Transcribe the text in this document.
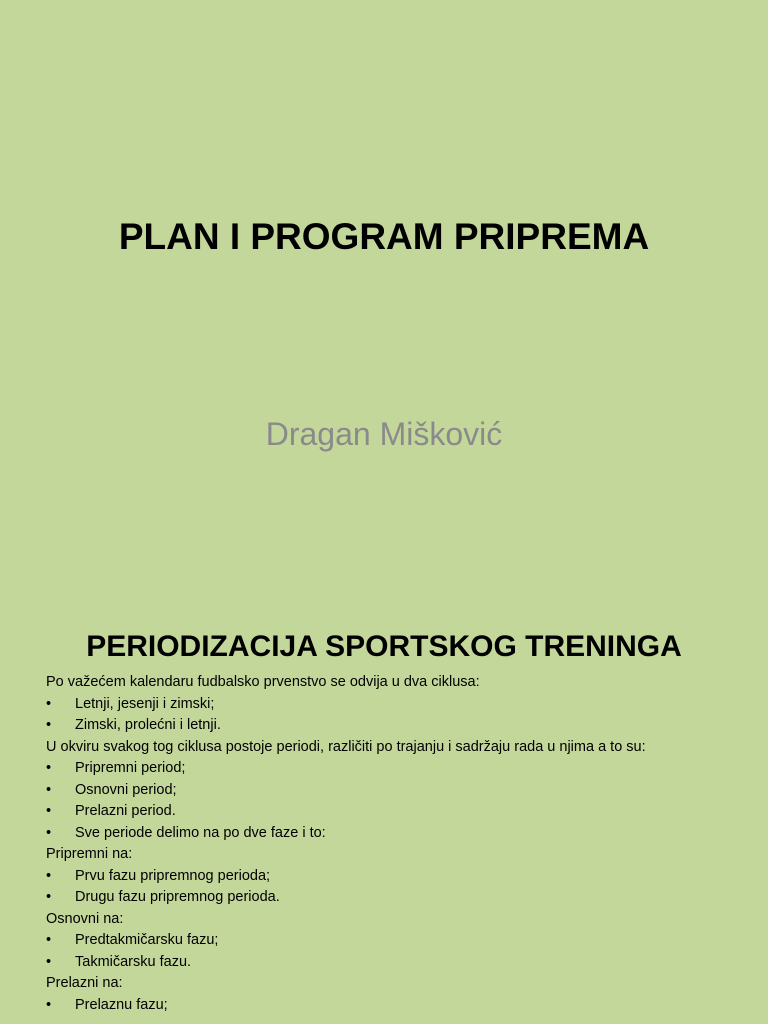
PLAN I PROGRAM PRIPREMA
Dragan Mišković
PERIODIZACIJA SPORTSKOG TRENINGA
Po važećem kalendaru fudbalsko prvenstvo se odvija u dva ciklusa:
• Letnji, jesenji i zimski;
• Zimski, prolećni i letnji.
U okviru svakog tog ciklusa postoje periodi, različiti po trajanju i sadržaju rada u njima a to su:
• Pripremni period;
• Osnovni period;
• Prelazni period.
• Sve periode delimo na po dve faze i to:
Pripremni na:
• Prvu fazu pripremnog perioda;
• Drugu fazu pripremnog perioda.
Osnovni na:
• Predtakmičarsku fazu;
• Takmičarsku fazu.
Prelazni na:
• Prelaznu fazu;
